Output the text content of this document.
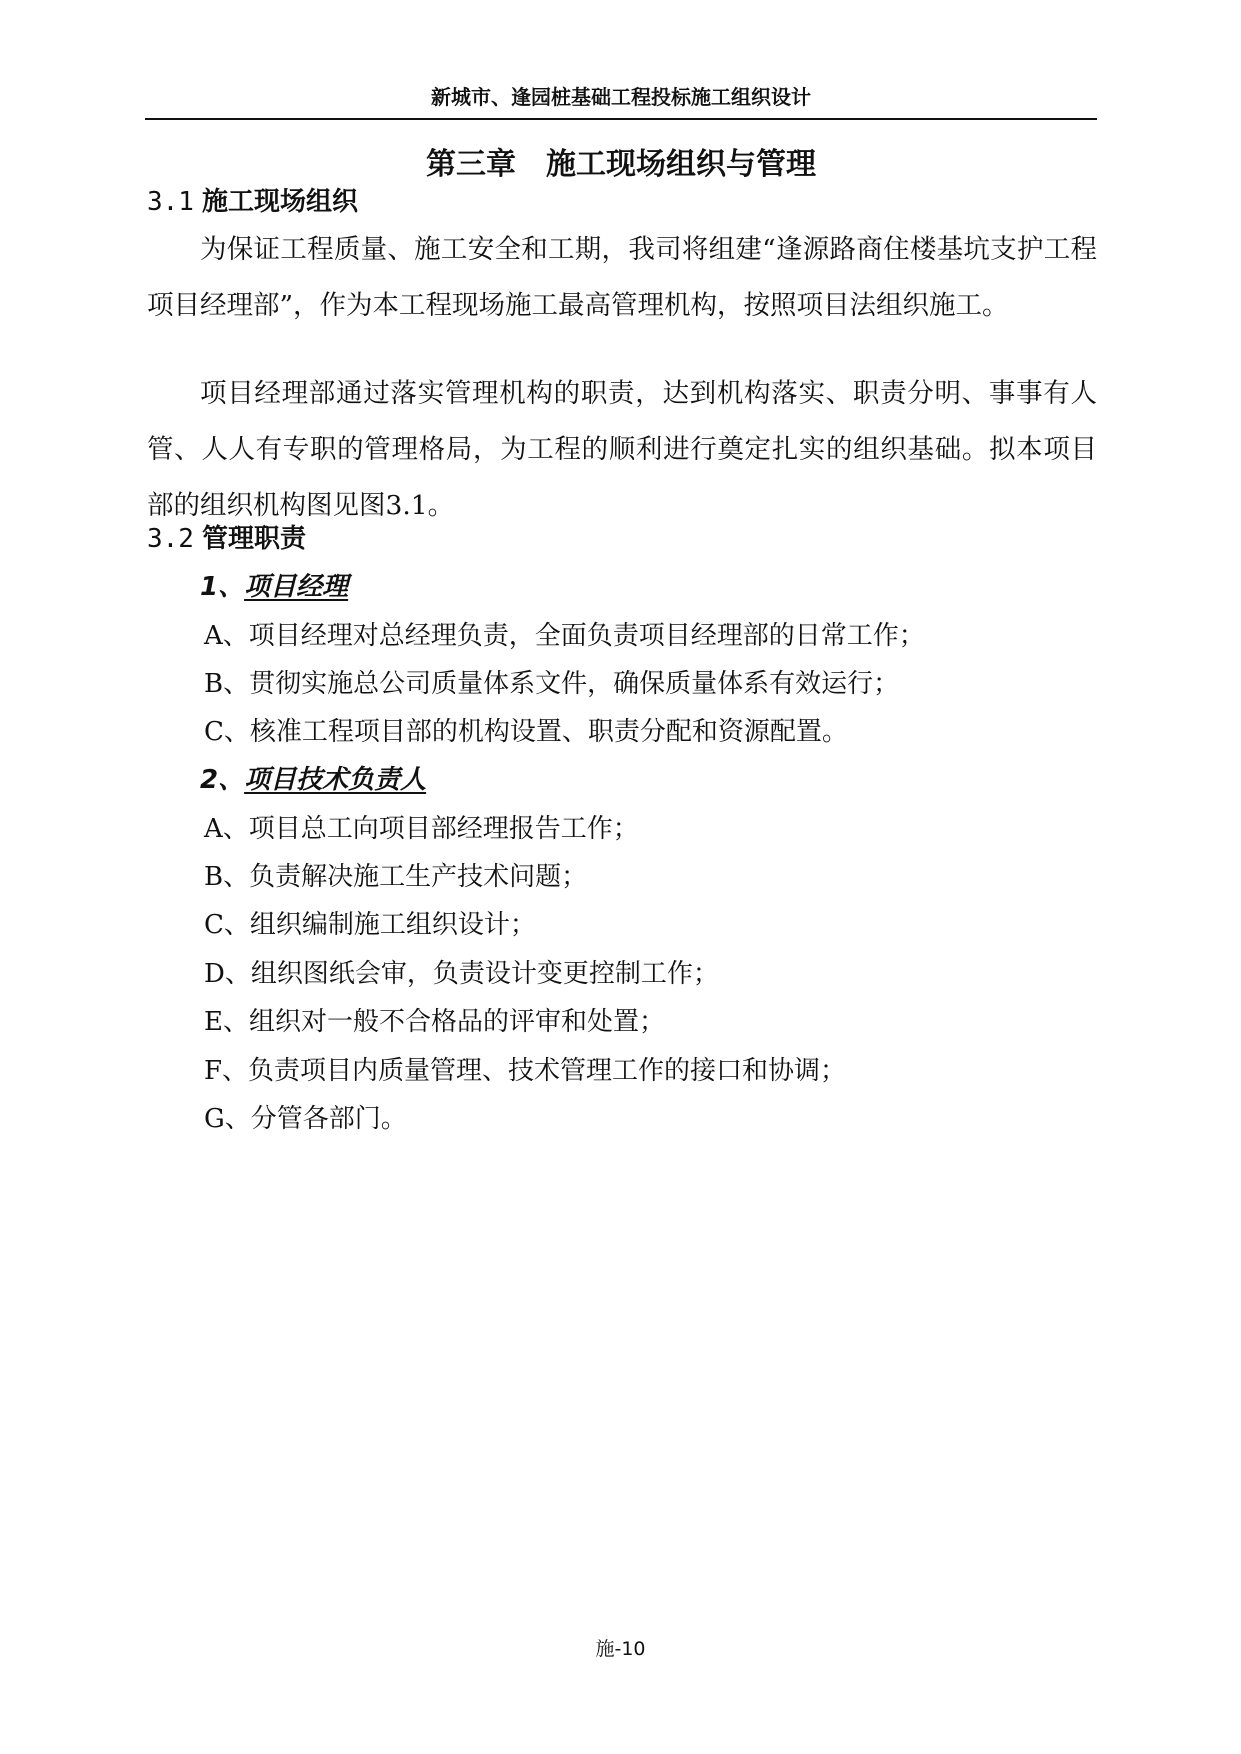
新城市、逢园桩基础工程投标施工组织设计
第三章　施工现场组织与管理
3.1 施工现场组织
为保证工程质量、施工安全和工期，我司将组建“逢源路商住楼基坑支护工程项目经理部”，作为本工程现场施工最高管理机构，按照项目法组织施工。
项目经理部通过落实管理机构的职责，达到机构落实、职责分明、事事有人管、人人有专职的管理格局，为工程的顺利进行奠定扎实的组织基础。拟本项目部的组织机构图见图3.1。
3.2 管理职责
1、项目经理
A、项目经理对总经理负责，全面负责项目经理部的日常工作；
B、贯彻实施总公司质量体系文件，确保质量体系有效运行；
C、核准工程项目部的机构设置、职责分配和资源配置。
2、项目技术负责人
A、项目总工向项目部经理报告工作；
B、负责解决施工生产技术问题；
C、组织编制施工组织设计；
D、组织图纸会审，负责设计变更控制工作；
E、组织对一般不合格品的评审和处置；
F、负责项目内质量管理、技术管理工作的接口和协调；
G、分管各部门。
施-10
